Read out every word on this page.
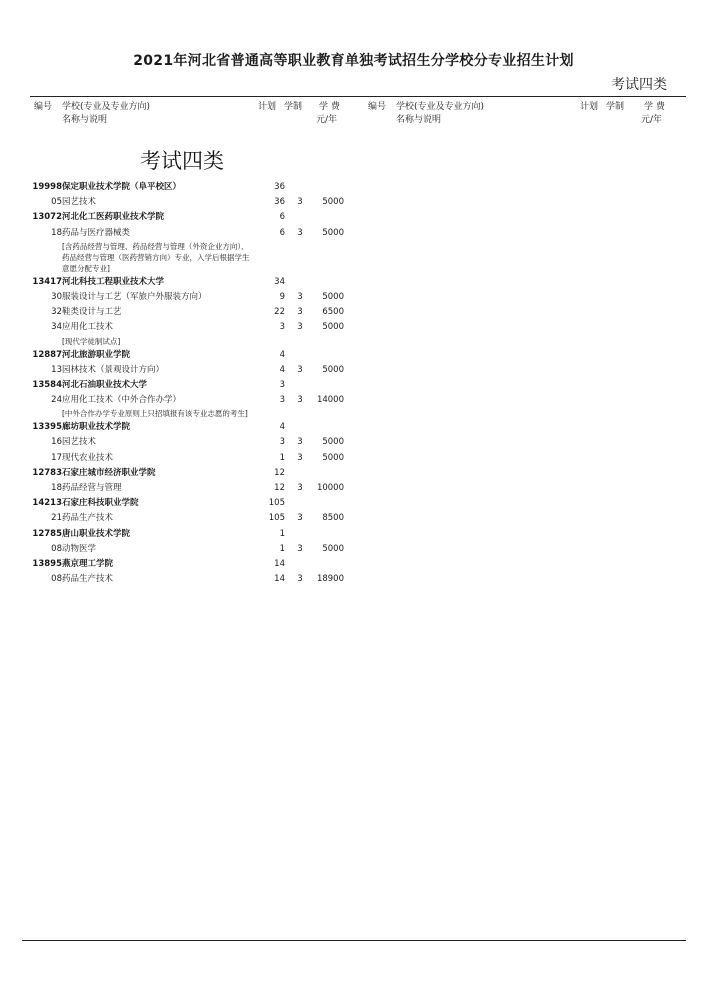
2021年河北省普通高等职业教育单独考试招生分学校分专业招生计划
考试四类
编号 学校(专业及专业方向)
名称与说明
计划 学制 学 费
元/年
编号 学校(专业及专业方向)
名称与说明
计划 学制 学 费
元/年
考试四类
19998 保定职业技术学院（阜平校区）	36
05 园艺技术	36	3	5000
13072 河北化工医药职业技术学院	6
18 药品与医疗器械类	6	3	5000
[含药品经营与管理、药品经营与管理（外资企业方向）、药品经营与管理（医药营销方向）专业，入学后根据学生意愿分配专业]
13417 河北科技工程职业技术大学	34
30 服装设计与工艺（军旅户外服装方向）	9	3	5000
32 鞋类设计与工艺	22	3	6500
34 应用化工技术	3	3	5000
[现代学徒制试点]
12887 河北旅游职业学院	4
13 园林技术（景观设计方向）	4	3	5000
13584 河北石油职业技术大学	3
24 应用化工技术（中外合作办学）	3	3	14000
[中外合作办学专业原则上只招填报有该专业志愿的考生]
13395 廊坊职业技术学院	4
16 园艺技术	3	3	5000
17 现代农业技术	1	3	5000
12783 石家庄城市经济职业学院	12
18 药品经营与管理	12	3	10000
14213 石家庄科技职业学院	105
21 药品生产技术	105	3	8500
12785 唐山职业技术学院	1
08 动物医学	1	3	5000
13895 燕京理工学院	14
08 药品生产技术	14	3	18900
